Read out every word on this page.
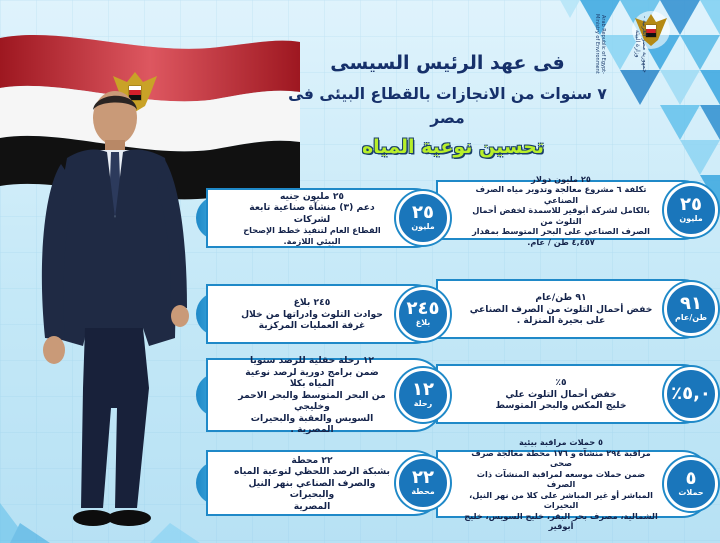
جمهورية مصر العربية - وزارة البيئة
Arab Republic of Egypt-Ministry of Environment
فى عهد الرئيس السيسى
٧ سنوات من الانجازات بالقطاع البيئى فى مصر
تحسين نوعية المياه
٢٥ مليون دولار
تكلفة ٦ مشروع معالجة وتدوير مياه الصرف الصناعي
بالكامل لشركة أبوقير للاسمدة لخفض أحمال التلوث من
الصرف الصناعي على البحر المتوسط بمقدار ٤,٤٥٧ طن / عام.
٢٥
مليون
٩١ طن/عام
خفض أحمال التلوث من الصرف الصناعي
على بحيرة المنزلة .
٩١
طن/عام
٥٪
خفض أحمال التلوث علي
خليج المكس والبحر المتوسط
٥,٠٪
٥ حملات مراقبة بيئية
مراقبة ٢٩٤ منشآة و ١٧٦ محطة معالجة صرف صحى
ضمن حملات موسعه لمراقبة المنشآت ذات الصرف
المباشر أو غير المباشر على كلا من نهر النيل، البحيرات
الشمالية، مصرف بحر البقر، خليج السويس، خليج أبوقير
٥
حملات
٢٥ مليون جنيه
دعم (٣) منشآة صناعية تابعة لشركات
القطاع العام لتنفيذ خطط الإصحاح البيئي اللازمة.
٢٥
مليون
٢٤٥ بلاغ
حوادث التلوث وادراتها من خلال
غرفة العمليات المركزية
٢٤٥
بلاغ
١٢ رحلة حقلية للرصد سنويا
ضمن برامج دورية لرصد نوعية المياه بكلا
من البحر المتوسط والبحر الاحمر وخليجي
السويس والعقبة والبحيرات المصرية .
١٢
رحلة
٢٢ محطة
بشبكة الرصد اللحظي لنوعية المياه
والصرف الصناعي بنهر النيل والبحيرات
المصرية
٢٢
محطة
